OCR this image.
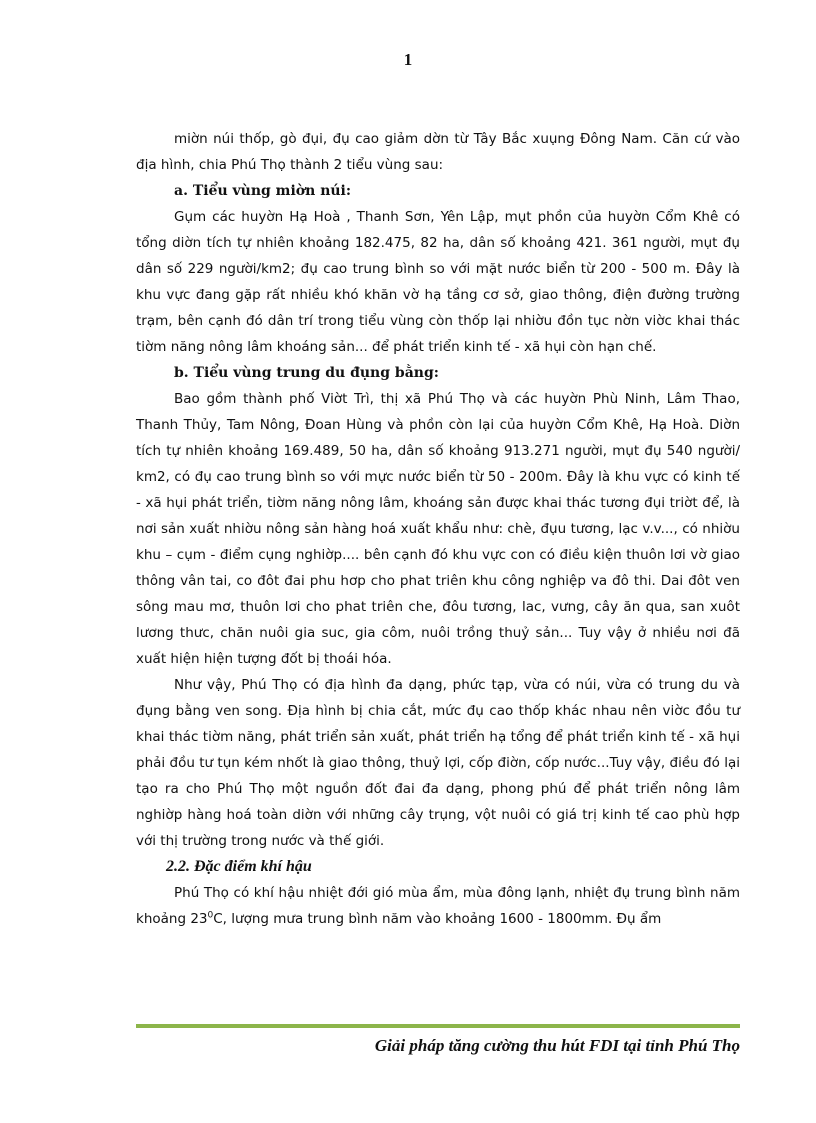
1

miờn núi thốp, gò đụi, đụ cao giảm dờn từ Tây Bắc xuụng Đông Nam. Căn cứ vào địa hình, chia Phú Thọ thành 2 tiểu vùng sau:

a. Tiểu vùng miờn núi:

Gụm các huyờn Hạ Hoà , Thanh Sơn, Yên Lập, mụt phồn của huyờn Cổm Khê có tổng diờn tích tự nhiên khoảng 182.475, 82 ha, dân số khoảng 421. 361 người, mụt đụ dân số 229 người/km2; đụ cao trung bình so với mặt nước biển từ 200 - 500 m. Đây là khu vực đang gặp rất nhiều khó khăn vờ hạ tầng cơ sở, giao thông, điện đường trường trạm, bên cạnh đó dân trí trong tiểu vùng còn thốp lại nhiờu đồn tục nờn viờc khai thác tiờm năng nông lâm khoáng sản... để phát triển kinh tế - xã hụi còn hạn chế.

b. Tiểu vùng trung du đụng bằng:

Bao gồm thành phố Viờt Trì, thị xã Phú Thọ và các huyờn Phù Ninh, Lâm Thao, Thanh Thủy, Tam Nông, Đoan Hùng và phồn còn lại của huyờn Cổm Khê, Hạ Hoà. Diờn tích tự nhiên khoảng 169.489, 50 ha, dân số khoảng 913.271 người, mụt đụ 540 người/ km2, có đụ cao trung bình so với mực nước biển từ 50 - 200m. Đây là khu vực có kinh tế - xã hụi phát triển, tiờm năng nông lâm, khoáng sản được khai thác tương đụi triờt để, là nơi sản xuất nhiờu nông sản hàng hoá xuất khẩu như: chè, đụu tương, lạc v.v..., có nhiờu khu – cụm - điểm cụng nghiờp.... bên cạnh đó khu vực con có điều kiện thuôn lơi vờ giao thông vân tai, co đôt đai phu hơp cho phat triên khu công nghiệp va đô thi. Dai đôt ven sông mau mơ, thuôn lơi cho phat triên che, đôu tương, lac, vưng, cây ăn qua, san xuôt lương thưc, chăn nuôi gia suc, gia côm, nuôi trồng thuỷ sản... Tuy vậy ở nhiều nơi đã xuất hiện hiện tượng đốt bị thoái hóa.

Như vậy, Phú Thọ có địa hình đa dạng, phức tạp, vừa có núi, vừa có trung du và đụng bằng ven song. Địa hình bị chia cắt, mức đụ cao thốp khác nhau nên viờc đồu tư khai thác tiờm năng, phát triển sản xuất, phát triển hạ tổng để phát triển kinh tế - xã hụi phải đồu tư tụn kém nhốt là giao thông, thuỷ lợi, cốp điờn, cốp nước...Tuy vậy, điều đó lại tạo ra cho Phú Thọ một nguồn đốt đai đa dạng, phong phú để phát triển nông lâm nghiờp hàng hoá toàn diờn với những cây trụng, vột nuôi có giá trị kinh tế cao phù hợp với thị trường trong nước và thế giới.

2.2. Đặc điểm khí hậu

Phú Thọ có khí hậu nhiệt đới gió mùa ẩm, mùa đông lạnh, nhiệt đụ trung bình năm khoảng $23^0C$, lượng mưa trung bình năm vào khoảng 1600 - 1800mm. Đụ ẩm

Giải pháp tăng cường thu hút FDI tại tỉnh Phú Thọ
